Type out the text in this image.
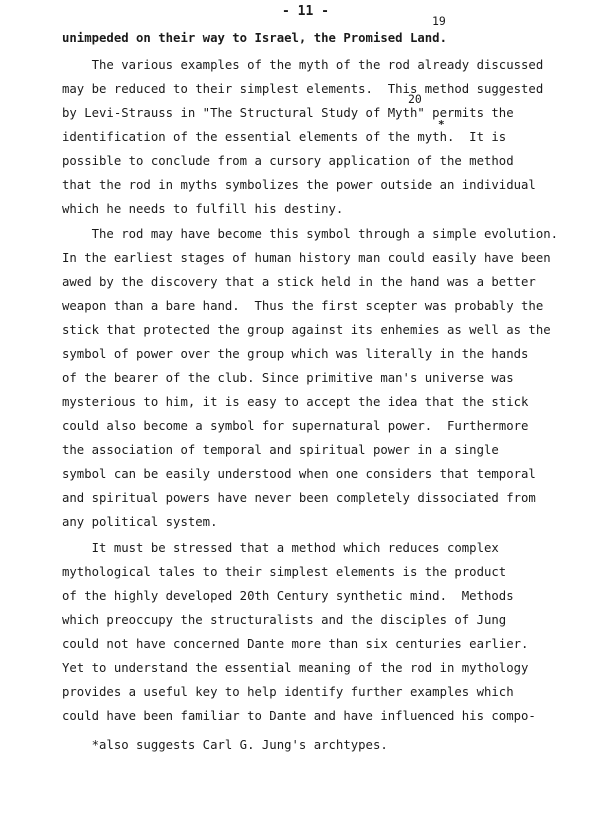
- 11 -
19
unimpeded on their way to Israel, the Promised Land.
The various examples of the myth of the rod already discussed
may be reduced to their simplest elements.  This method suggested
20
by Levi-Strauss in "The Structural Study of Myth" permits the
*
identification of the essential elements of the myth.  It is
possible to conclude from a cursory application of the method
that the rod in myths symbolizes the power outside an individual
which he needs to fulfill his destiny.
The rod may have become this symbol through a simple evolution.
In the earliest stages of human history man could easily have been
awed by the discovery that a stick held in the hand was a better
weapon than a bare hand.  Thus the first scepter was probably the
stick that protected the group against its enhemies as well as the
symbol of power over the group which was literally in the hands
of the bearer of the club. Since primitive man's universe was
mysterious to him, it is easy to accept the idea that the stick
could also become a symbol for supernatural power.  Furthermore
the association of temporal and spiritual power in a single
symbol can be easily understood when one considers that temporal
and spiritual powers have never been completely dissociated from
any political system.
It must be stressed that a method which reduces complex
mythological tales to their simplest elements is the product
of the highly developed 20th Century synthetic mind.  Methods
which preoccupy the structuralists and the disciples of Jung
could not have concerned Dante more than six centuries earlier.
Yet to understand the essential meaning of the rod in mythology
provides a useful key to help identify further examples which
could have been familiar to Dante and have influenced his compo-
*also suggests Carl G. Jung's archtypes.
